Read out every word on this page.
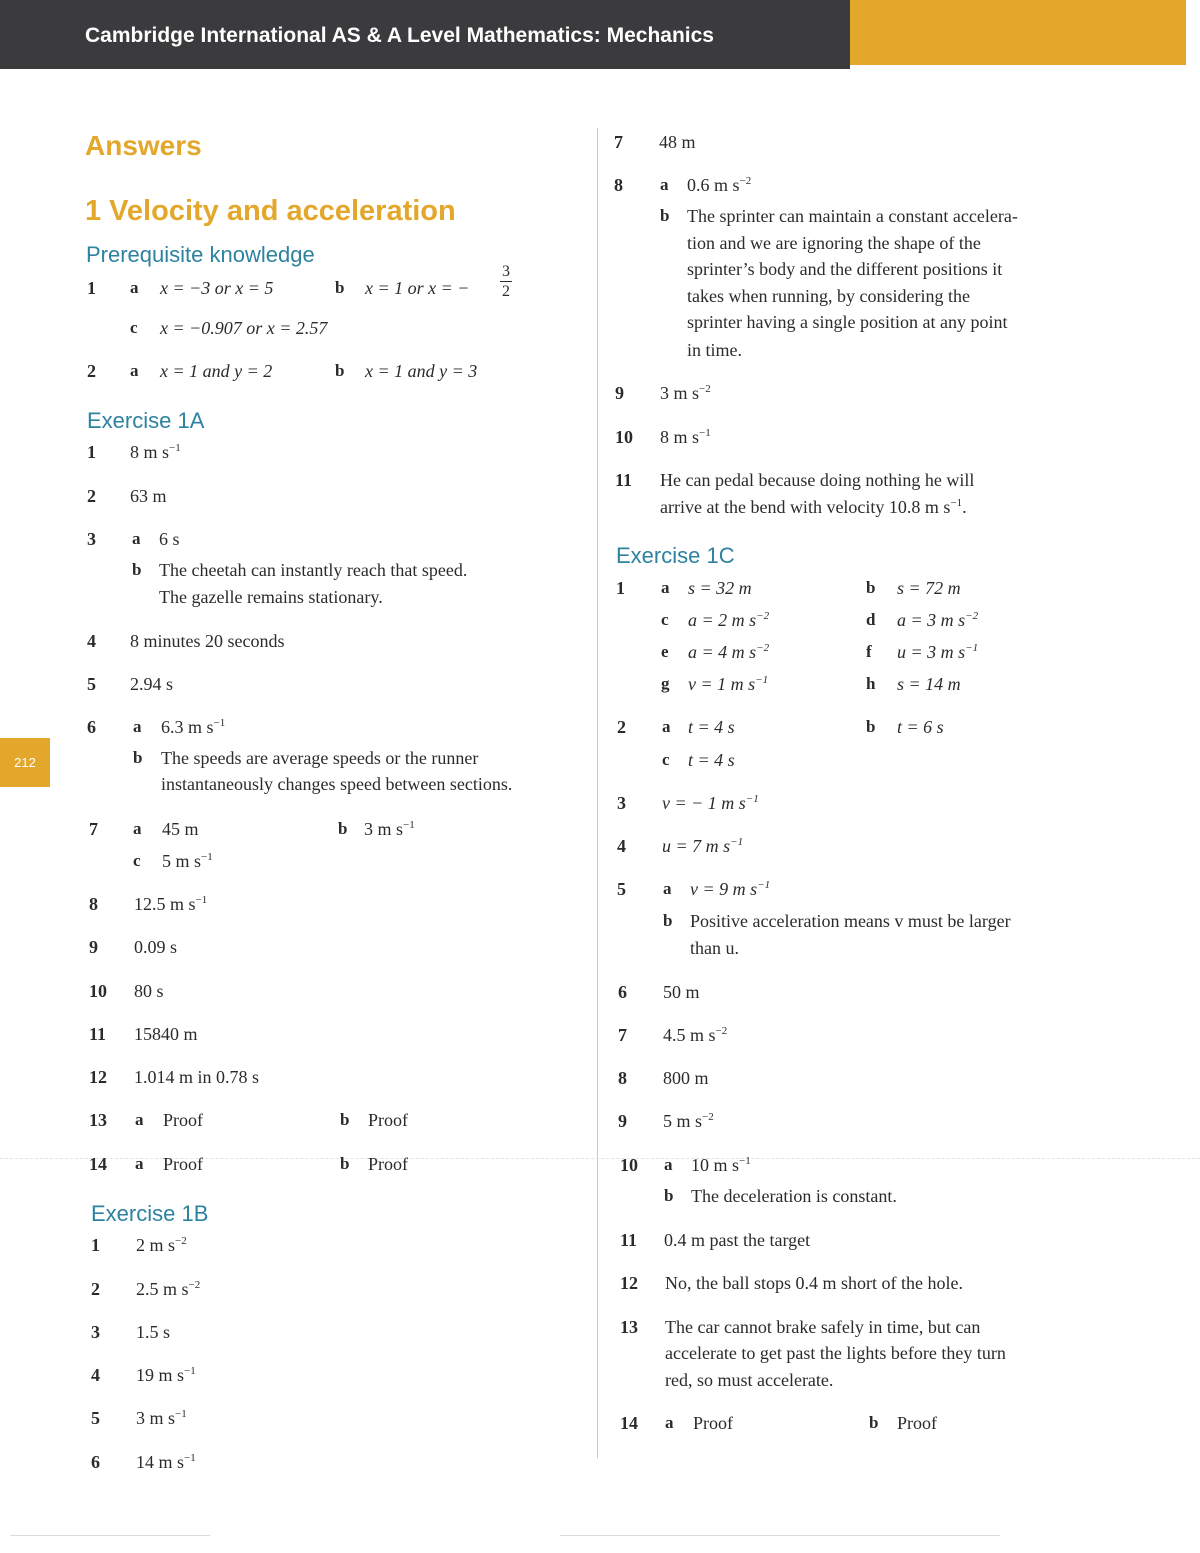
Cambridge International AS & A Level Mathematics: Mechanics
212
Answers
1 Velocity and acceleration
Prerequisite knowledge
1 a x = −3 or x = 5	b x = 1 or x = −
3
2
c x = −0.907 or x = 2.57
2 a x = 1 and y = 2	b x = 1 and y = 3
Exercise 1A
1 8 m $s^{-1}$
2 63 m
3 a 6 s
b The cheetah can instantly reach that speed.
The gazelle remains stationary.
4 8 minutes 20 seconds
5 2.94 s
6 a 6.3 m $s^{-1}$
b The speeds are average speeds or the runner
instantaneously changes speed between sections.
7 a 45 m	b 3 m $s^{-1}$
c 5 m $s^{-1}$
8 12.5 m $s^{-1}$
9 0.09 s
10 80 s
11 15840 m
12 1.014 m in 0.78 s
13 a Proof	b Proof
14 a Proof	b Proof
Exercise 1B
1 2 m $s^{-2}$
2 2.5 m $s^{-2}$
3 1.5 s
4 19 m $s^{-1}$
5 3 m $s^{-1}$
6 14 m $s^{-1}$
7 48 m
8 a 0.6 m $s^{-2}$
b The sprinter can maintain a constant accelera-
tion and we are ignoring the shape of the
sprinter’s body and the different positions it
takes when running, by considering the
sprinter having a single position at any point
in time.
9 3 m $s^{-2}$
10 8 m $s^{-1}$
11 He can pedal because doing nothing he will
arrive at the bend with velocity 10.8 m $s^{-1}$.
Exercise 1C
1 a s = 32 m	b s = 72 m
c a = 2 m $s^{-2}$	d a = 3 m $s^{-2}$
e a = 4 m $s^{-2}$	f u = 3 m $s^{-1}$
g v = 1 m $s^{-1}$	h s = 14 m
2 a t = 4 s	b t = 6 s
c t = 4 s
3 v = − 1 m $s^{-1}$
4 u = 7 m $s^{-1}$
5 a v = 9 m $s^{-1}$
b Positive acceleration means v must be larger
than u.
6 50 m
7 4.5 m $s^{-2}$
8 800 m
9 5 m $s^{-2}$
10 a 10 m $s^{-1}$
b The deceleration is constant.
11 0.4 m past the target
12 No, the ball stops 0.4 m short of the hole.
13 The car cannot brake safely in time, but can
accelerate to get past the lights before they turn
red, so must accelerate.
14 a Proof	b Proof
